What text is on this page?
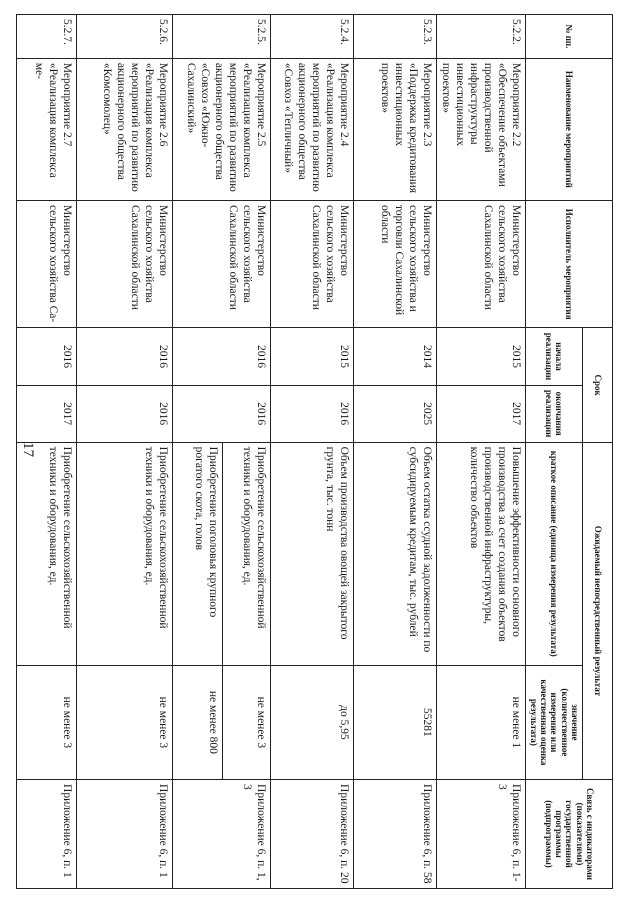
17
№ пп.	Наименование мероприятий	Исполнитель мероприятия	Срок		Ожидаемый непосредственный результат		Связь с индикаторами (показателями) государственной программы (подпрограммы)
			начала реализации	окончания реализации	краткое описание (единица измерения результата)	значение (количественное измерение или качественная оценка результата)	
5.2.2.	Мероприятие 2.2 «Обеспечение объектами производственной инфраструктуры инвестиционных проектов»	Министерство сельского хозяйства Сахалинской области	2015	2017	Повышение эффективности основного производства за счет создания объектов производственной инфраструктуры, количество объектов	не менее 1	Приложение 6, п. 1-3
5.2.3.	Мероприятие 2.3 «Поддержка кредитования инвестиционных проектов»	Министерство сельского хозяйства и торговли Сахалинской области	2014	2025	Объем остатка ссудной задолженности по субсидируемым кредитам, тыс. рублей	55281	Приложение 6, п. 58
5.2.4.	Мероприятие 2.4 «Реализация комплекса мероприятий по развитию акционерного общества «Совхоз «Тепличный»	Министерство сельского хозяйства Сахалинской области	2015	2016	Объем производства овощей закрытого грунта, тыс. тонн	до 5,95	Приложение 6, п. 20
5.2.5.	Мероприятие 2.5 «Реализация комплекса мероприятий по развитию акционерного общества «Совхоз «Южно-Сахалинский»	Министерство сельского хозяйства Сахалинской области	2016	2016	Приобретение сельскохозяйственной техники и оборудования, ед.	не менее 3	Приложение 6, п. 1, 3
					Приобретение поголовья крупного рогатого скота, голов	не менее 800	
5.2.6.	Мероприятие 2.6 «Реализация комплекса мероприятий по развитию акционерного общества «Комсомолец»	Министерство сельского хозяйства Сахалинской области	2016	2016	Приобретение сельскохозяйственной техники и оборудования, ед.	не менее 3	Приложение 6, п. 1
5.2.7.	Мероприятие 2.7 «Реализация комплекса ме-	Министерство сельского хозяйства Са-	2016	2017	Приобретение сельскохозяйственной техники и оборудования, ед.	не менее 3	Приложение 6, п. 1
